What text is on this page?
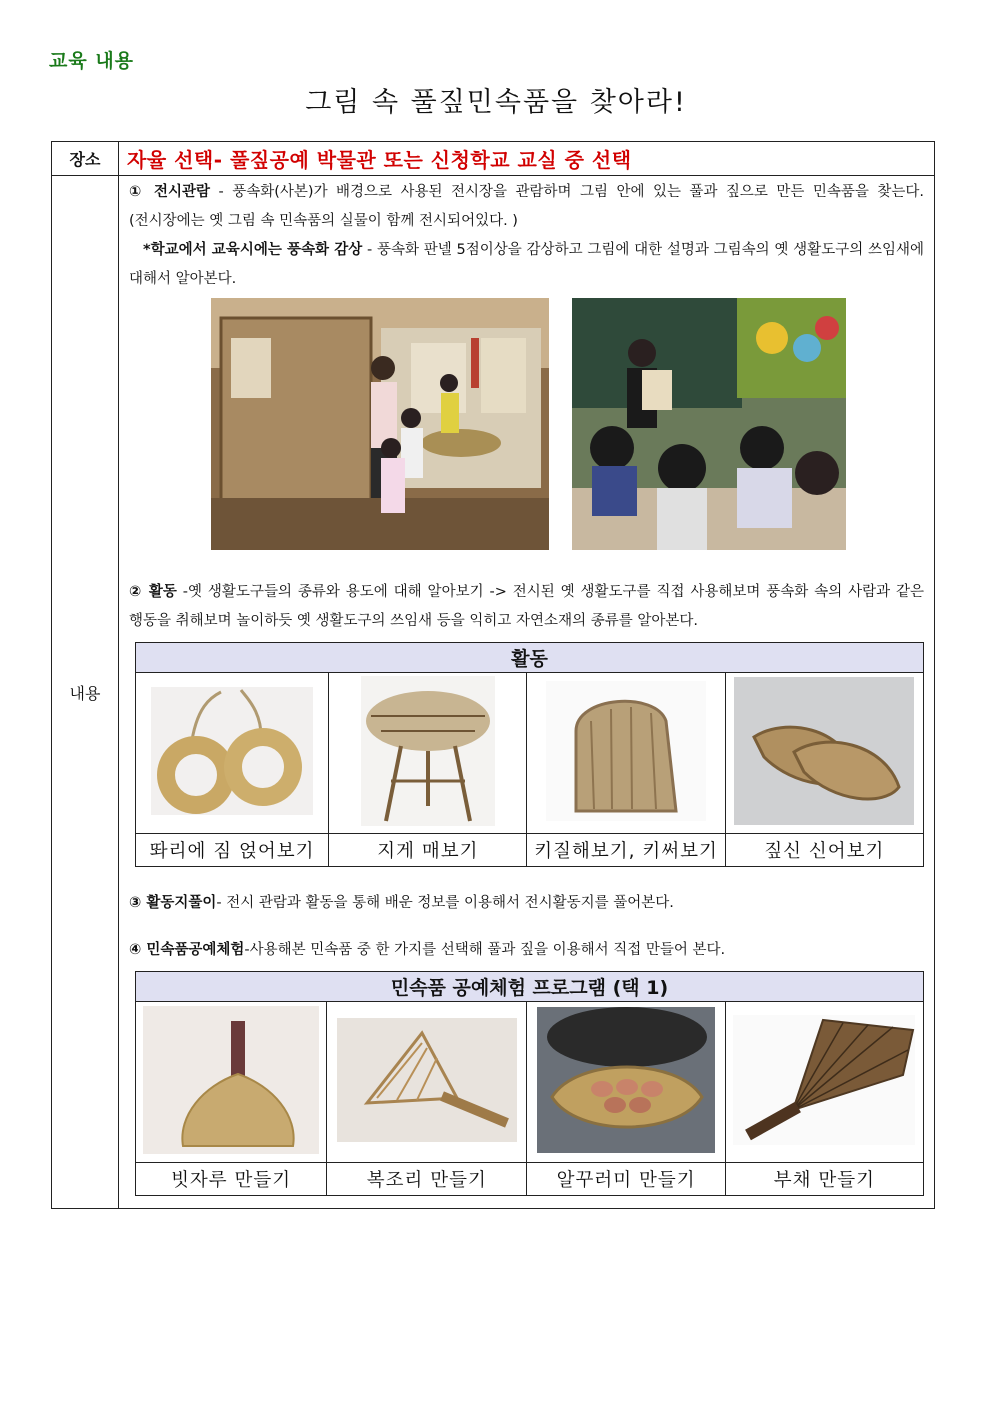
교육 내용
그림 속 풀짚민속품을 찾아라!
장소	자율 선택- 풀짚공예 박물관 또는 신청학교 교실 중 선택
내용	

① 전시관람 - 풍속화(사본)가 배경으로 사용된 전시장을 관람하며 그림 안에 있는 풀과 짚으로 만든 민속품을 찾는다. (전시장에는 옛 그림 속 민속품의 실물이 함께 전시되어있다. )

*학교에서 교육시에는 풍속화 감상 - 풍속화 판넬 5점이상을 감상하고 그림에 대한 설명과 그림속의 옛 생활도구의 쓰임새에 대해서 알아본다.

② 활동 -옛 생활도구들의 종류와 용도에 대해 알아보기 -> 전시된 옛 생활도구를 직접 사용해보며 풍속화 속의 사람과 같은 행동을 취해보며 놀이하듯 옛 생활도구의 쓰임새 등을 익히고 자연소재의 종류를 알아본다.

활동

똬리에 짐 얹어보기	지게 매보기	키질해보기, 키써보기	짚신 신어보기

③ 활동지풀이- 전시 관람과 활동을 통해 배운 정보를 이용해서 전시활동지를 풀어본다.

④ 민속품공예체험-사용해본 민속품 중 한 가지를 선택해 풀과 짚을 이용해서 직접 만들어 본다.

민속품 공예체험 프로그램 (택 1)

빗자루 만들기	복조리 만들기	알꾸러미 만들기	부채 만들기
